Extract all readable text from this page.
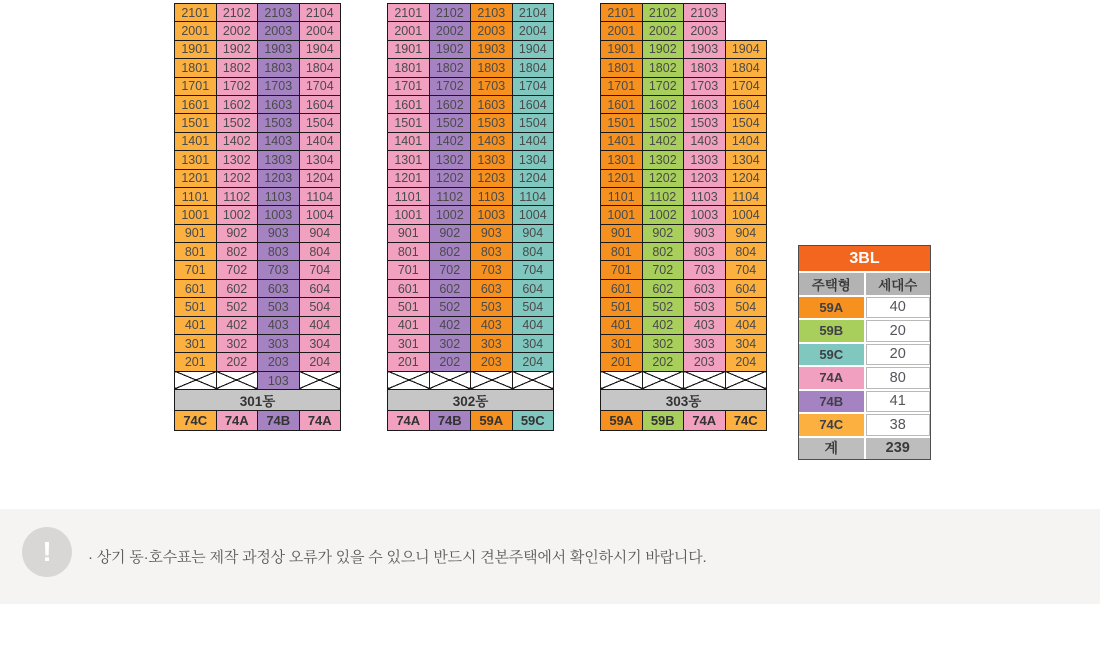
2101	2102	2103	2104
2001	2002	2003	2004
1901	1902	1903	1904
1801	1802	1803	1804
1701	1702	1703	1704
1601	1602	1603	1604
1501	1502	1503	1504
1401	1402	1403	1404
1301	1302	1303	1304
1201	1202	1203	1204
1101	1102	1103	1104
1001	1002	1003	1004
901	902	903	904
801	802	803	804
701	702	703	704
601	602	603	604
501	502	503	504
401	402	403	404
301	302	303	304
201	202	203	204
		103	
301동			
74C	74A	74B	74A
2101	2102	2103	2104
2001	2002	2003	2004
1901	1902	1903	1904
1801	1802	1803	1804
1701	1702	1703	1704
1601	1602	1603	1604
1501	1502	1503	1504
1401	1402	1403	1404
1301	1302	1303	1304
1201	1202	1203	1204
1101	1102	1103	1104
1001	1002	1003	1004
901	902	903	904
801	802	803	804
701	702	703	704
601	602	603	604
501	502	503	504
401	402	403	404
301	302	303	304
201	202	203	204

302동			
74A	74B	59A	59C
2101	2102	2103	
2001	2002	2003	
1901	1902	1903	1904
1801	1802	1803	1804
1701	1702	1703	1704
1601	1602	1603	1604
1501	1502	1503	1504
1401	1402	1403	1404
1301	1302	1303	1304
1201	1202	1203	1204
1101	1102	1103	1104
1001	1002	1003	1004
901	902	903	904
801	802	803	804
701	702	703	704
601	602	603	604
501	502	503	504
401	402	403	404
301	302	303	304
201	202	203	204

303동			
59A	59B	74A	74C
3BL
주택형	세대수
59A	40
59B	20
59C	20
74A	80
74B	41
74C	38
계	239
!	· 상기 동·호수표는 제작 과정상 오류가 있을 수 있으니 반드시 견본주택에서 확인하시기 바랍니다.
